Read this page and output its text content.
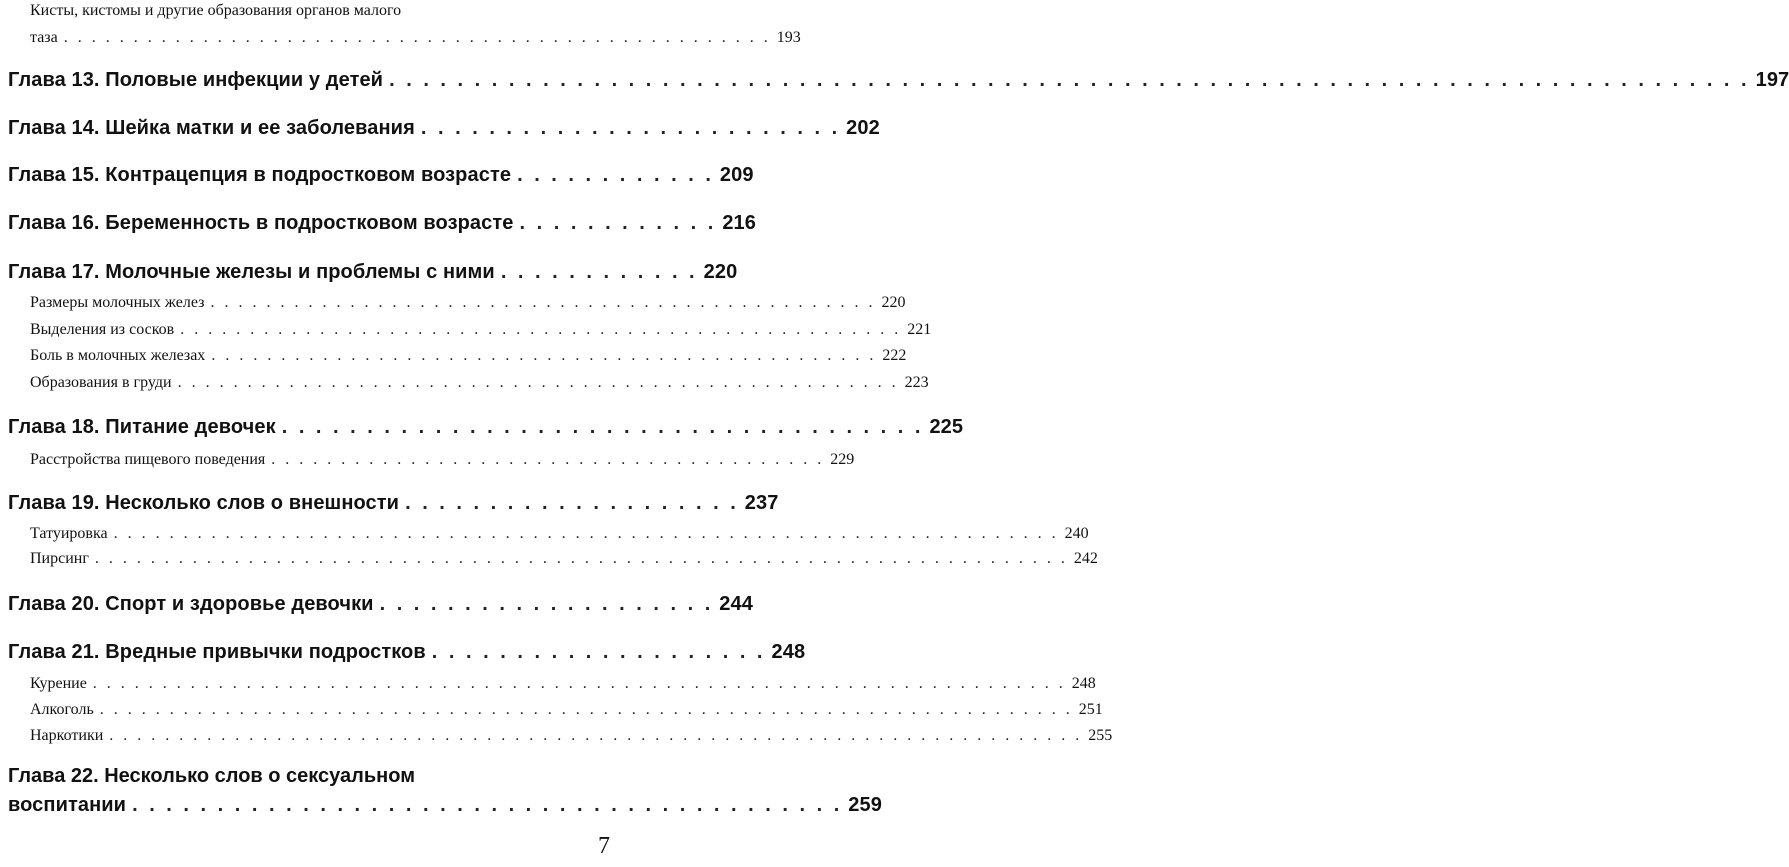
Кисты, кистомы и другие образования органов малого
таза . . . . . . . . . . . . . . . . . . . . . . . . . . . . . . . . . . . . . . . . . . . . . . . . . . . 193
Глава 13. Половые инфекции у детей . . . . . . . . . . . . . . . . . . . . . . . . . . . . . . . . . . . . . . . . . . . . . . . . . . . . . . . . . . . . . . . . . . . . . . . . . . . . . . . . 197
Глава 14. Шейка матки и ее заболевания . . . . . . . . . . . . . . . . . . . . . . . . . 202
Глава 15. Контрацепция в подростковом возрасте . . . . . . . . . . . . 209
Глава 16. Беременность в подростковом возрасте . . . . . . . . . . . . 216
Глава 17. Молочные железы и проблемы с ними . . . . . . . . . . . . 220
Размеры молочных желез . . . . . . . . . . . . . . . . . . . . . . . . . . . . . . . . . . . . . . . . . . . . . . . . 220
Выделения из сосков . . . . . . . . . . . . . . . . . . . . . . . . . . . . . . . . . . . . . . . . . . . . . . . . . . . . 221
Боль в молочных железах . . . . . . . . . . . . . . . . . . . . . . . . . . . . . . . . . . . . . . . . . . . . . . . . 222
Образования в груди . . . . . . . . . . . . . . . . . . . . . . . . . . . . . . . . . . . . . . . . . . . . . . . . . . . . 223
Глава 18. Питание девочек . . . . . . . . . . . . . . . . . . . . . . . . . . . . . . . . . . . . . . 225
Расстройства пищевого поведения . . . . . . . . . . . . . . . . . . . . . . . . . . . . . . . . . . . . . . . . 229
Глава 19. Несколько слов о внешности . . . . . . . . . . . . . . . . . . . . 237
Татуировка . . . . . . . . . . . . . . . . . . . . . . . . . . . . . . . . . . . . . . . . . . . . . . . . . . . . . . . . . . . . . . . . . . . . 240
Пирсинг . . . . . . . . . . . . . . . . . . . . . . . . . . . . . . . . . . . . . . . . . . . . . . . . . . . . . . . . . . . . . . . . . . . . . . 242
Глава 20. Спорт и здоровье девочки . . . . . . . . . . . . . . . . . . . . 244
Глава 21. Вредные привычки подростков . . . . . . . . . . . . . . . . . . . . 248
Курение . . . . . . . . . . . . . . . . . . . . . . . . . . . . . . . . . . . . . . . . . . . . . . . . . . . . . . . . . . . . . . . . . . . . . . 248
Алкоголь . . . . . . . . . . . . . . . . . . . . . . . . . . . . . . . . . . . . . . . . . . . . . . . . . . . . . . . . . . . . . . . . . . . . . . 251
Наркотики . . . . . . . . . . . . . . . . . . . . . . . . . . . . . . . . . . . . . . . . . . . . . . . . . . . . . . . . . . . . . . . . . . . . . . 255
Глава 22. Несколько слов о сексуальном
воспитании . . . . . . . . . . . . . . . . . . . . . . . . . . . . . . . . . . . . . . . . . . 259
7
